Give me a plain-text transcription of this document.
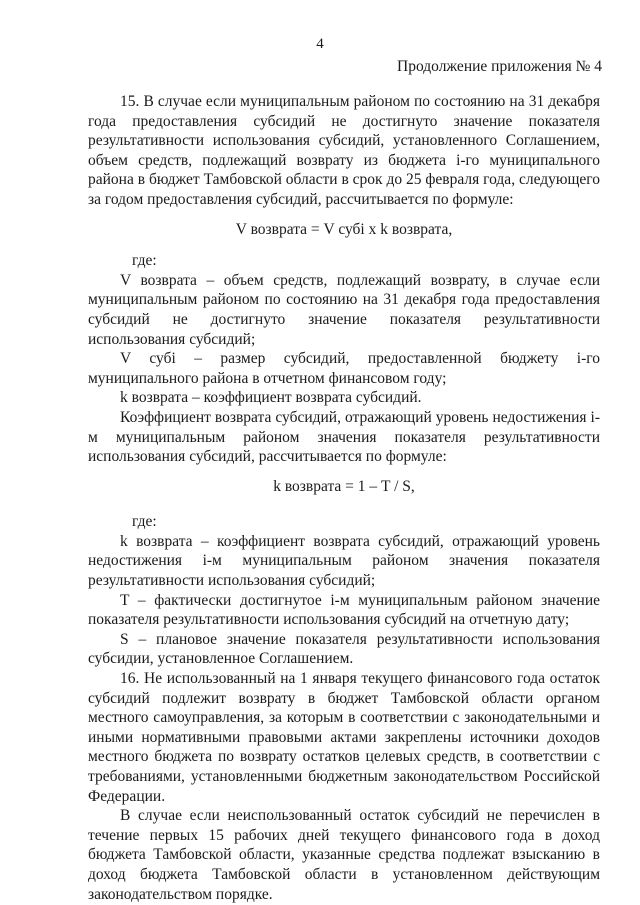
4
Продолжение приложения № 4

15. В случае если муниципальным районом по состоянию на 31 декабря года предоставления субсидий не достигнуто значение показателя результативности использования субсидий, установленного Соглашением, объем средств, подлежащий возврату из бюджета i-го муниципального района в бюджет Тамбовской области в срок до 25 февраля года, следующего за годом предоставления субсидий, рассчитывается по формуле:

V возврата = V субi x k возврата,

где:

V возврата – объем средств, подлежащий возврату, в случае если муниципальным районом по состоянию на 31 декабря года предоставления субсидий не достигнуто значение показателя результативности использования субсидий;

V субi – размер субсидий, предоставленной бюджету i-го муниципального района в отчетном финансовом году;

k возврата – коэффициент возврата субсидий.

Коэффициент возврата субсидий, отражающий уровень недостижения i-м муниципальным районом значения показателя результативности использования субсидий, рассчитывается по формуле:

k возврата = 1 – T / S,

где:

k возврата – коэффициент возврата субсидий, отражающий уровень недостижения i-м муниципальным районом значения показателя результативности использования субсидий;

T – фактически достигнутое i-м муниципальным районом значение показателя результативности использования субсидий на отчетную дату;

S – плановое значение показателя результативности использования субсидии, установленное Соглашением.

16. Не использованный на 1 января текущего финансового года остаток субсидий подлежит возврату в бюджет Тамбовской области органом местного самоуправления, за которым в соответствии с законодательными и иными нормативными правовыми актами закреплены источники доходов местного бюджета по возврату остатков целевых средств, в соответствии с требованиями, установленными бюджетным законодательством Российской Федерации.

В случае если неиспользованный остаток субсидий не перечислен в течение первых 15 рабочих дней текущего финансового года в доход бюджета Тамбовской области, указанные средства подлежат взысканию в доход бюджета Тамбовской области в установленном действующим законодательством порядке.
